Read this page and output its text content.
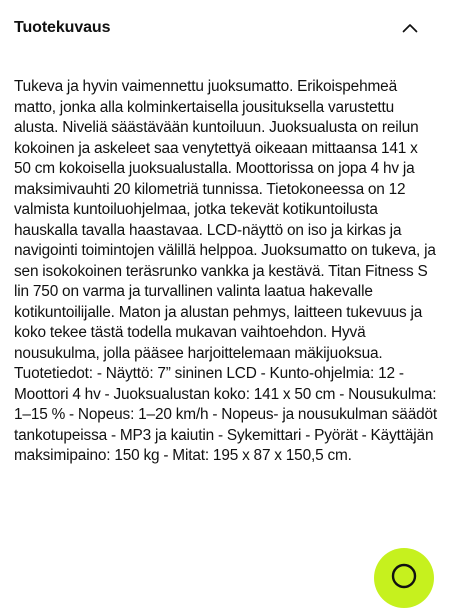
Tuotekuvaus

Tukeva ja hyvin vaimennettu juoksumatto. Erikoispehmeä matto, jonka alla kolminkertaisella jousituksella varustettu alusta. Niveliä säästävään kuntoiluun. Juoksualusta on reilun kokoinen ja askeleet saa venytettyä oikeaan mittaansa 141 x 50 cm kokoisella juoksualustalla. Moottorissa on jopa 4 hv ja maksimivauhti 20 kilometriä tunnissa. Tietokoneessa on 12 valmista kuntoiluohjelmaa, jotka tekevät kotikuntoilusta hauskalla tavalla haastavaa. LCD-näyttö on iso ja kirkas ja navigointi toimintojen välillä helppoa. Juoksumatto on tukeva, ja sen isokokoinen teräsrunko vankka ja kestävä. Titan Fitness S lin 750 on varma ja turvallinen valinta laatua hakevalle kotikuntoilijalle. Maton ja alustan pehmys, laitteen tukevuus ja koko tekee tästä todella mukavan vaihtoehdon. Hyvä nousukulma, jolla pääsee harjoittelemaan mäkijuoksua. Tuotetiedot: - Näyttö: 7” sininen LCD - Kunto-ohjelmia: 12 - Moottori 4 hv - Juoksualustan koko: 141 x 50 cm - Nousukulma: 1–15 % - Nopeus: 1–20 km/h - Nopeus- ja nousukulman säädöt tankotupeissa - MP3 ja kaiutin - Sykemittari - Pyörät - Käyttäjän maksimipaino: 150 kg - Mitat: 195 x 87 x 150,5 cm.
